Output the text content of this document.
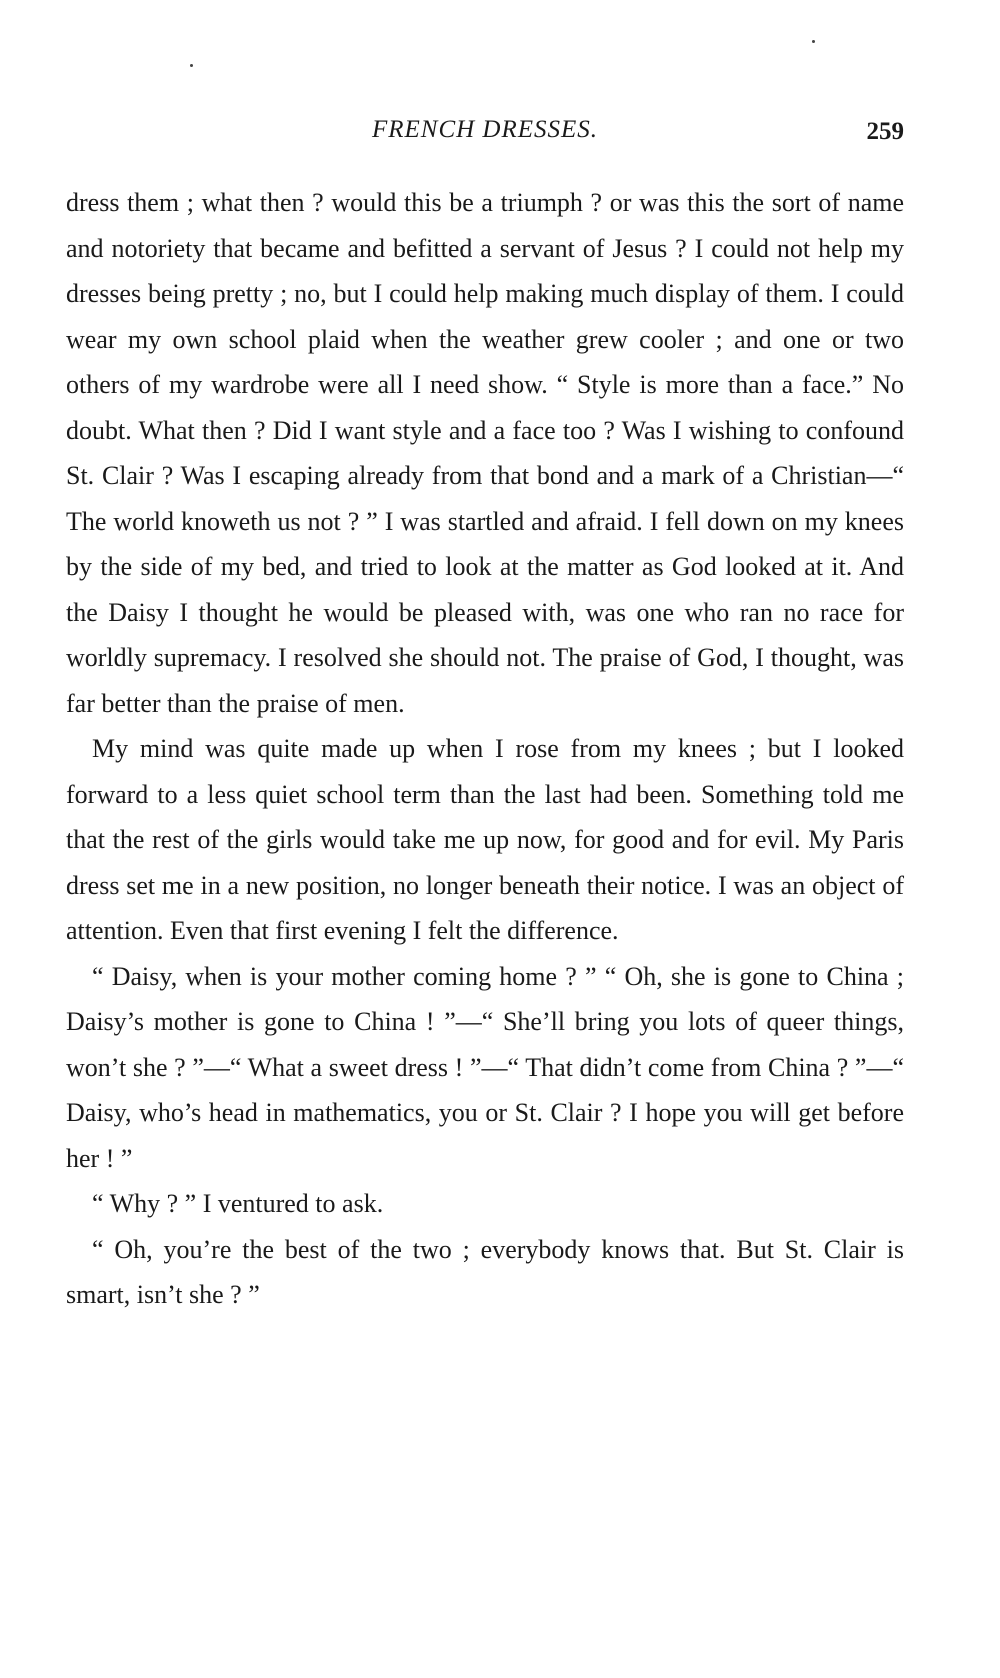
FRENCH DRESSES.	259

dress them ; what then ? would this be a triumph ? or was this the sort of name and notoriety that became and befitted a servant of Jesus ? I could not help my dresses being pretty ; no, but I could help making much display of them. I could wear my own school plaid when the weather grew cooler ; and one or two others of my wardrobe were all I need show. “ Style is more than a face.” No doubt. What then ? Did I want style and a face too ? Was I wishing to confound St. Clair ? Was I escaping already from that bond and a mark of a Christian—“ The world knoweth us not ? ” I was startled and afraid. I fell down on my knees by the side of my bed, and tried to look at the matter as God looked at it. And the Daisy I thought he would be pleased with, was one who ran no race for worldly supremacy. I resolved she should not. The praise of God, I thought, was far better than the praise of men.

My mind was quite made up when I rose from my knees ; but I looked forward to a less quiet school term than the last had been. Something told me that the rest of the girls would take me up now, for good and for evil. My Paris dress set me in a new position, no longer beneath their notice. I was an object of attention. Even that first evening I felt the difference.

“ Daisy, when is your mother coming home ? ” “ Oh, she is gone to China ; Daisy’s mother is gone to China ! ”—“ She’ll bring you lots of queer things, won’t she ? ”—“ What a sweet dress ! ”—“ That didn’t come from China ? ”—“ Daisy, who’s head in mathematics, you or St. Clair ? I hope you will get before her ! ”

“ Why ? ” I ventured to ask.

“ Oh, you’re the best of the two ; everybody knows that. But St. Clair is smart, isn’t she ? ”
